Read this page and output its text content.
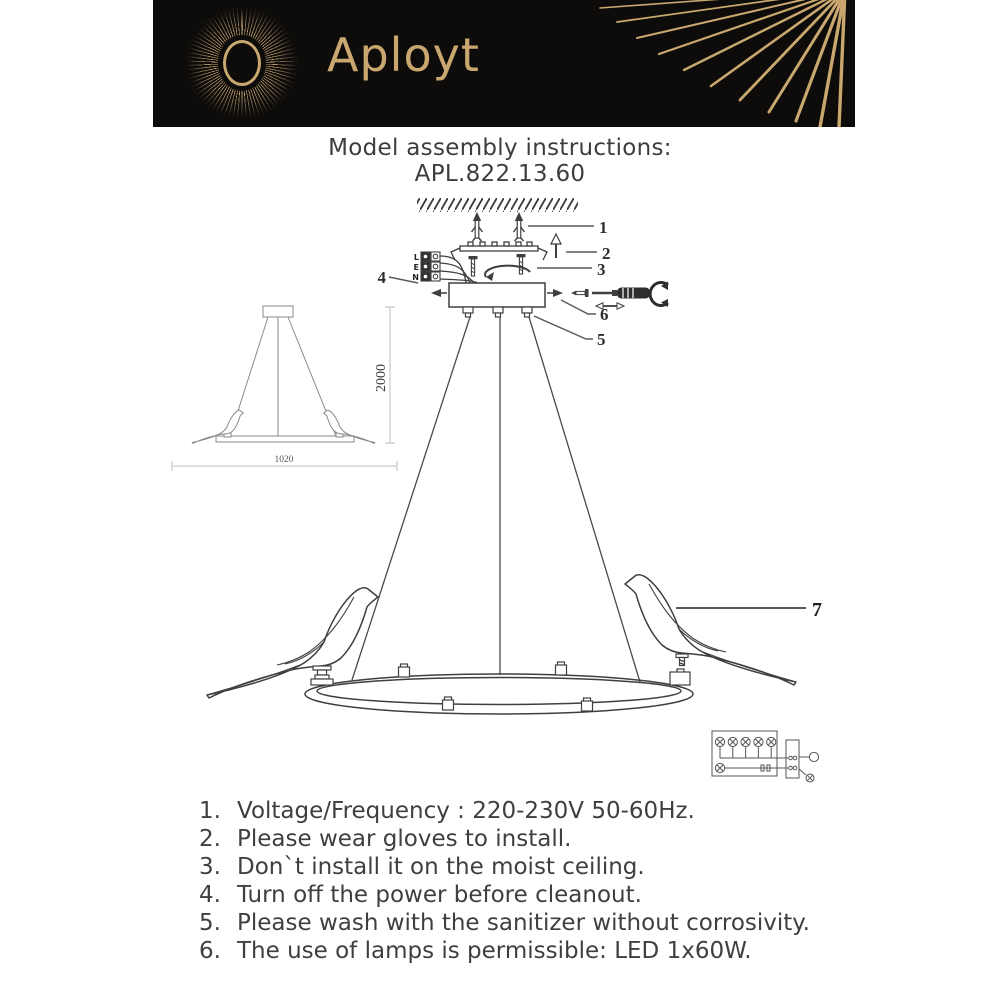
Aployt
Model assembly instructions:
APL.822.13.60
1
2
3
L
E
N
4
6
5
2000
1020
7
1. Voltage/Frequency : 220-230V 50-60Hz.
2. Please wear gloves to install.
3. Don`t install it on the moist ceiling.
4. Turn off the power before cleanout.
5. Please wash with the sanitizer without corrosivity.
6. The use of lamps is permissible: LED 1x60W.
